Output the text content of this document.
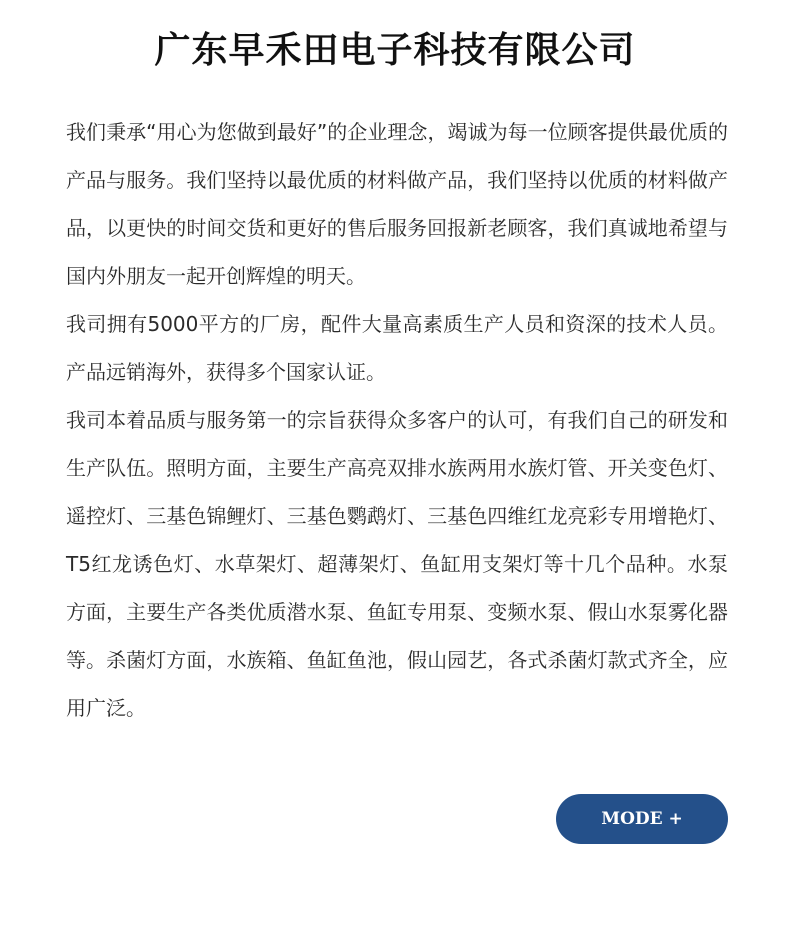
广东早禾田电子科技有限公司

我们秉承“用心为您做到最好”的企业理念，竭诚为每一位顾客提供最优质的产品与服务。我们坚持以最优质的材料做产品，我们坚持以优质的材料做产品，以更快的时间交货和更好的售后服务回报新老顾客，我们真诚地希望与国内外朋友一起开创辉煌的明天。

我司拥有5000平方的厂房，配件大量高素质生产人员和资深的技术人员。产品远销海外，获得多个国家认证。

我司本着品质与服务第一的宗旨获得众多客户的认可，有我们自己的研发和生产队伍。照明方面，主要生产高亮双排水族两用水族灯管、开关变色灯、遥控灯、三基色锦鲤灯、三基色鹦鹉灯、三基色四维红龙亮彩专用增艳灯、T5红龙诱色灯、水草架灯、超薄架灯、鱼缸用支架灯等十几个品种。水泵方面，主要生产各类优质潜水泵、鱼缸专用泵、变频水泵、假山水泵雾化器等。杀菌灯方面，水族箱、鱼缸鱼池，假山园艺，各式杀菌灯款式齐全，应用广泛。

MODE +
